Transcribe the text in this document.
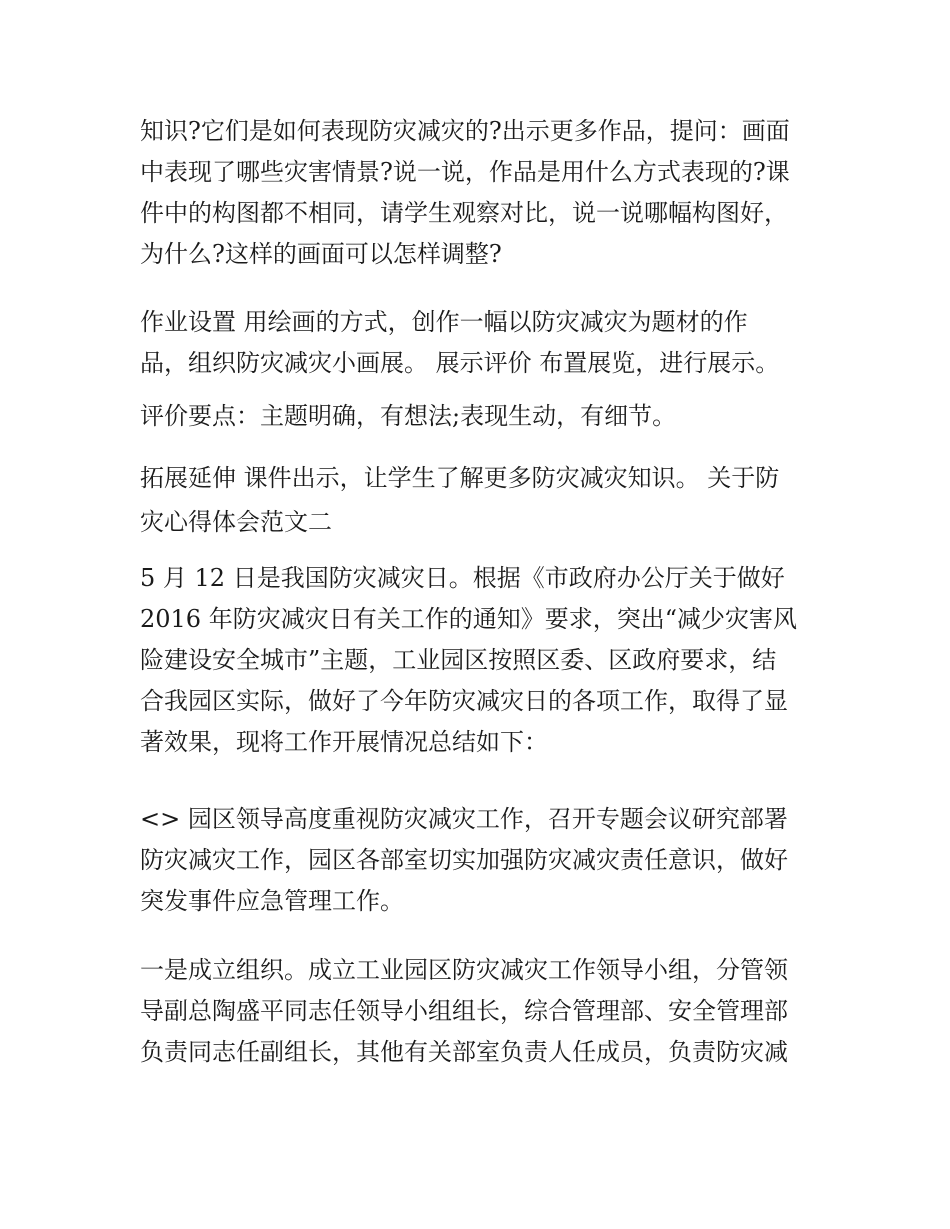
知识?它们是如何表现防灾减灾的?出示更多作品，提问：画面

中表现了哪些灾害情景?说一说，作品是用什么方式表现的?课

件中的构图都不相同，请学生观察对比，说一说哪幅构图好，

为什么?这样的画面可以怎样调整?

作业设置 用绘画的方式，创作一幅以防灾减灾为题材的作

品，组织防灾减灾小画展。 展示评价 布置展览，进行展示。

评价要点：主题明确，有想法;表现生动，有细节。

拓展延伸 课件出示，让学生了解更多防灾减灾知识。 关于防

灾心得体会范文二

5 月 12 日是我国防灾减灾日。根据《市政府办公厅关于做好

2016 年防灾减灾日有关工作的通知》要求，突出“减少灾害风

险建设安全城市”主题，工业园区按照区委、区政府要求，结

合我园区实际，做好了今年防灾减灾日的各项工作，取得了显

著效果，现将工作开展情况总结如下：

<> 园区领导高度重视防灾减灾工作，召开专题会议研究部署

防灾减灾工作，园区各部室切实加强防灾减灾责任意识，做好

突发事件应急管理工作。

一是成立组织。成立工业园区防灾减灾工作领导小组，分管领

导副总陶盛平同志任领导小组组长，综合管理部、安全管理部

负责同志任副组长，其他有关部室负责人任成员，负责防灾减
